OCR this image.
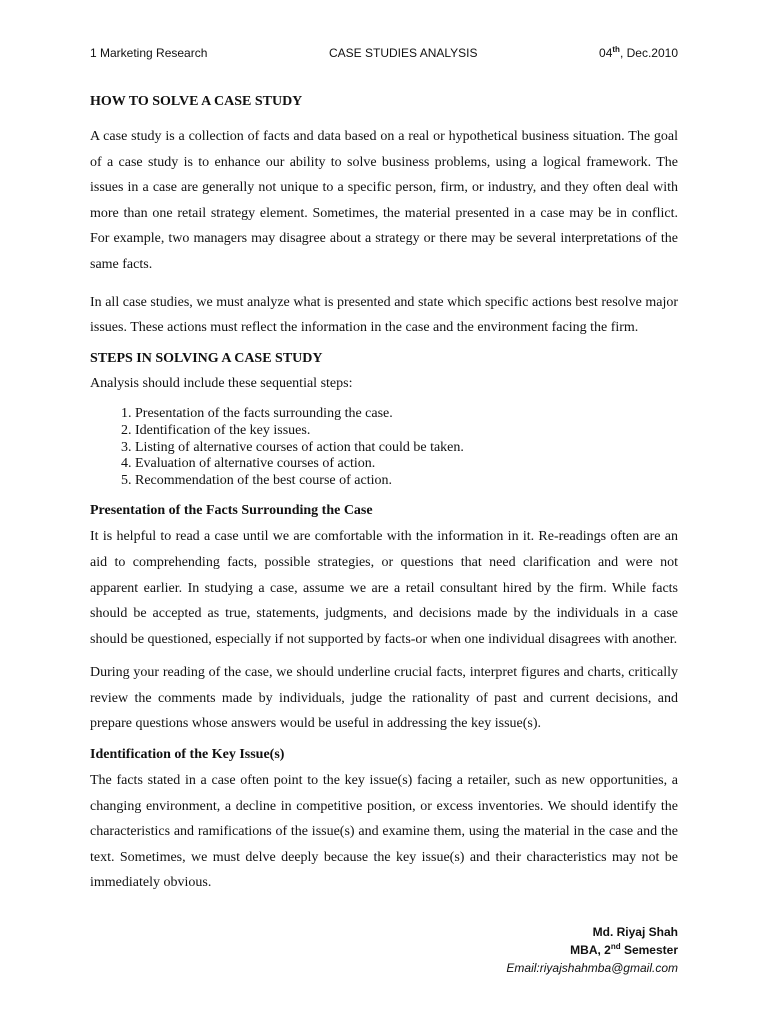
1 Marketing Research	CASE STUDIES ANALYSIS	04th, Dec.2010
HOW TO SOLVE A CASE STUDY

A case study is a collection of facts and data based on a real or hypothetical business situation. The goal of a case study is to enhance our ability to solve business problems, using a logical framework. The issues in a case are generally not unique to a specific person, firm, or industry, and they often deal with more than one retail strategy element. Sometimes, the material presented in a case may be in conflict. For example, two managers may disagree about a strategy or there may be several interpretations of the same facts.

In all case studies, we must analyze what is presented and state which specific actions best resolve major issues. These actions must reflect the information in the case and the environment facing the firm.

STEPS IN SOLVING A CASE STUDY

Analysis should include these sequential steps:

1. Presentation of the facts surrounding the case.
2. Identification of the key issues.
3. Listing of alternative courses of action that could be taken.
4. Evaluation of alternative courses of action.
5. Recommendation of the best course of action.
Presentation of the Facts Surrounding the Case

It is helpful to read a case until we are comfortable with the information in it. Re-readings often are an aid to comprehending facts, possible strategies, or questions that need clarification and were not apparent earlier. In studying a case, assume we are a retail consultant hired by the firm. While facts should be accepted as true, statements, judgments, and decisions made by the individuals in a case should be questioned, especially if not supported by facts-or when one individual disagrees with another.

During your reading of the case, we should underline crucial facts, interpret figures and charts, critically review the comments made by individuals, judge the rationality of past and current decisions, and prepare questions whose answers would be useful in addressing the key issue(s).

Identification of the Key Issue(s)

The facts stated in a case often point to the key issue(s) facing a retailer, such as new opportunities, a changing environment, a decline in competitive position, or excess inventories. We should identify the characteristics and ramifications of the issue(s) and examine them, using the material in the case and the text. Sometimes, we must delve deeply because the key issue(s) and their characteristics may not be immediately obvious.

Md. Riyaj Shah
MBA, 2nd Semester
Email:riyajshahmba@gmail.com
